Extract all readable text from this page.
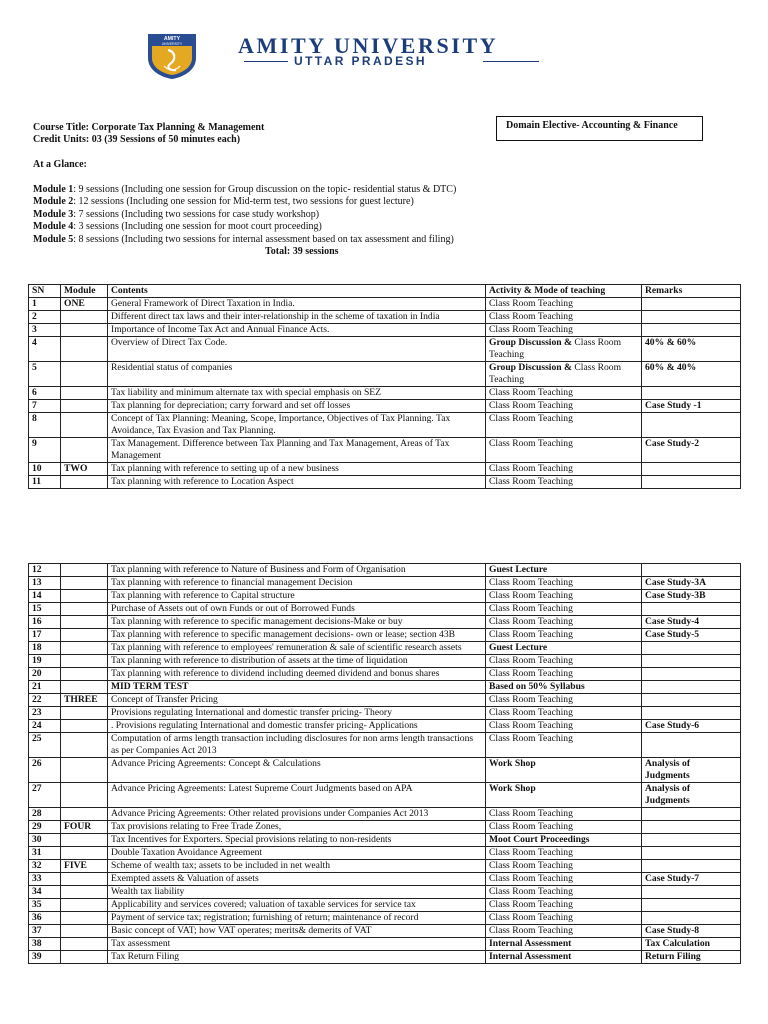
AMITY
UNIVERSITY	AMITY UNIVERSITY
UTTAR PRADESH
Course Title: Corporate Tax Planning & Management
Credit Units: 03 (39 Sessions of 50 minutes each)
Domain Elective- Accounting & Finance
At a Glance:
Module 1: 9 sessions (Including one session for Group discussion on the topic- residential status & DTC)
Module 2: 12 sessions (Including one session for Mid-term test, two sessions for guest lecture)
Module 3: 7 sessions (Including two sessions for case study workshop)
Module 4: 3 sessions (Including one session for moot court proceeding)
Module 5: 8 sessions (Including two sessions for internal assessment based on tax assessment and filing)
Total: 39 sessions
SN	Module	Contents	Activity & Mode of teaching	Remarks
1	ONE	General Framework of Direct Taxation in India.	Class Room Teaching	
2		Different direct tax laws and their inter-relationship in the scheme of taxation in India	Class Room Teaching	
3		Importance of Income Tax Act and Annual Finance Acts.	Class Room Teaching	
4		Overview of Direct Tax Code.	Group Discussion & Class Room Teaching	40% & 60%
5		Residential status of companies	Group Discussion & Class Room Teaching	60% & 40%
6		Tax liability and minimum alternate tax with special emphasis on SEZ	Class Room Teaching	
7		Tax planning for depreciation; carry forward and set off losses	Class Room Teaching	Case Study -1
8		Concept of Tax Planning: Meaning, Scope, Importance, Objectives of Tax Planning. Tax Avoidance, Tax Evasion and Tax Planning.	Class Room Teaching	
9		Tax Management. Difference between Tax Planning and Tax Management, Areas of Tax Management	Class Room Teaching	Case Study-2
10	TWO	Tax planning with reference to setting up of a new business	Class Room Teaching	
11		Tax planning with reference to Location Aspect	Class Room Teaching	
12		Tax planning with reference to Nature of Business and Form of Organisation	Guest Lecture	
13		Tax planning with reference to financial management Decision	Class Room Teaching	Case Study-3A
14		Tax planning with reference to Capital structure	Class Room Teaching	Case Study-3B
15		Purchase of Assets out of own Funds or out of Borrowed Funds	Class Room Teaching	
16		Tax planning with reference to specific management decisions-Make or buy	Class Room Teaching	Case Study-4
17		Tax planning with reference to specific management decisions- own or lease; section 43B	Class Room Teaching	Case Study-5
18		Tax planning with reference to employees' remuneration & sale of scientific research assets	Guest Lecture	
19		Tax planning with reference to distribution of assets at the time of liquidation	Class Room Teaching	
20		Tax planning with reference to dividend including deemed dividend and bonus shares	Class Room Teaching	
21		MID TERM TEST	Based on 50% Syllabus	
22	THREE	Concept of Transfer Pricing	Class Room Teaching	
23		Provisions regulating International and domestic transfer pricing- Theory	Class Room Teaching	
24		. Provisions regulating International and domestic transfer pricing- Applications	Class Room Teaching	Case Study-6
25		Computation of arms length transaction including disclosures for non arms length transactions as per Companies Act 2013	Class Room Teaching	
26		Advance Pricing Agreements: Concept & Calculations	Work Shop	Analysis of Judgments
27		Advance Pricing Agreements: Latest Supreme Court Judgments based on APA	Work Shop	Analysis of Judgments
28		Advance Pricing Agreements: Other related provisions under Companies Act 2013	Class Room Teaching	
29	FOUR	Tax provisions relating to Free Trade Zones,	Class Room Teaching	
30		Tax Incentives for Exporters. Special provisions relating to non-residents	Moot Court Proceedings	
31		Double Taxation Avoidance Agreement	Class Room Teaching	
32	FIVE	Scheme of wealth tax; assets to be included in net wealth	Class Room Teaching	
33		Exempted assets & Valuation of assets	Class Room Teaching	Case Study-7
34		Wealth tax liability	Class Room Teaching	
35		Applicability and services covered; valuation of taxable services for service tax	Class Room Teaching	
36		Payment of service tax; registration; furnishing of return; maintenance of record	Class Room Teaching	
37		Basic concept of VAT; how VAT operates; merits& demerits of VAT	Class Room Teaching	Case Study-8
38		Tax assessment	Internal Assessment	Tax Calculation
39		Tax Return Filing	Internal Assessment	Return Filing
